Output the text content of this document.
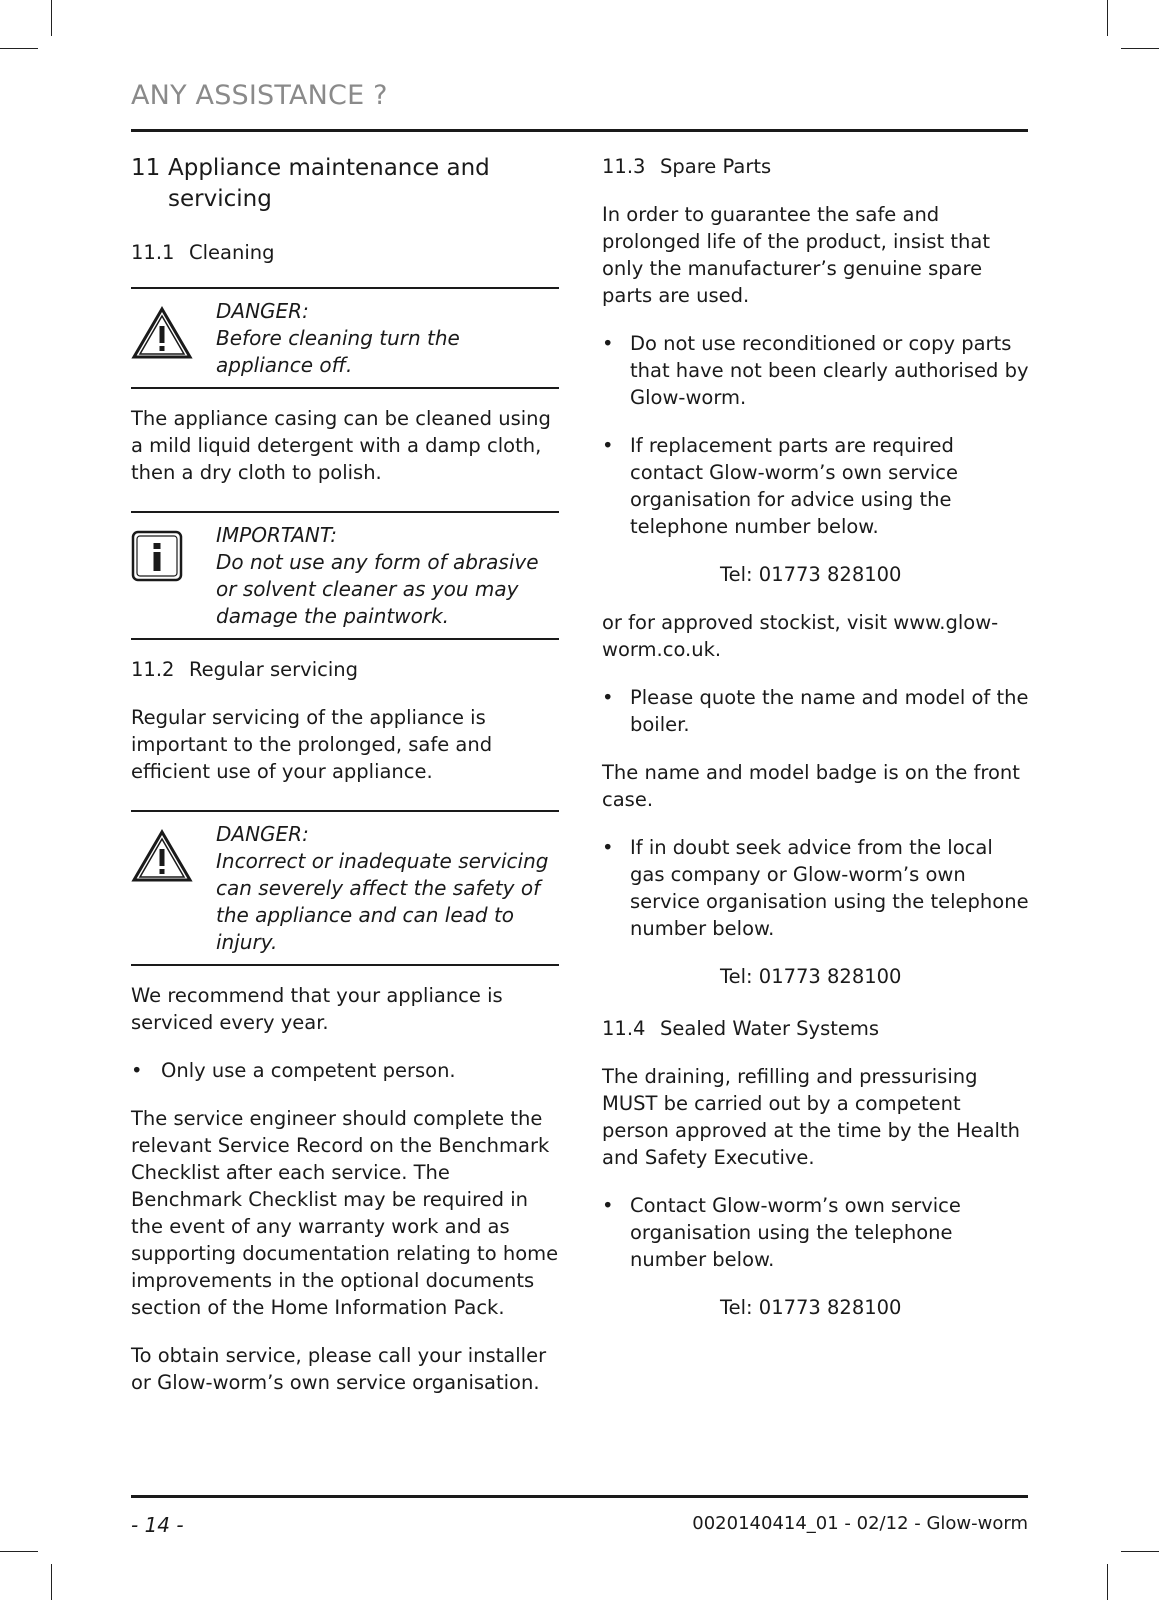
ANY ASSISTANCE ?
11 Appliance maintenance and servicing
11.1 Cleaning
DANGER:
Before cleaning turn the appliance off.

The appliance casing can be cleaned using a mild liquid detergent with a damp cloth, then a dry cloth to polish.

IMPORTANT:
Do not use any form of abrasive or solvent cleaner as you may damage the paintwork.
11.2 Regular servicing

Regular servicing of the appliance is important to the prolonged, safe and efficient use of your appliance.

DANGER:
Incorrect or inadequate servicing can severely affect the safety of the appliance and can lead to injury.

We recommend that your appliance is serviced every year.

• Only use a competent person.

The service engineer should complete the relevant Service Record on the Benchmark Checklist after each service. The Benchmark Checklist may be required in the event of any warranty work and as supporting documentation relating to home improvements in the optional documents section of the Home Information Pack.

To obtain service, please call your installer or Glow-worm’s own service organisation.

11.3 Spare Parts

In order to guarantee the safe and prolonged life of the product, insist that only the manufacturer’s genuine spare parts are used.

• Do not use reconditioned or copy parts that have not been clearly authorised by Glow-worm.
• If replacement parts are required contact Glow-worm’s own service organisation for advice using the telephone number below.
Tel: 01773 828100

or for approved stockist, visit www.glow-worm.co.uk.

• Please quote the name and model of the boiler.

The name and model badge is on the front case.

• If in doubt seek advice from the local gas company or Glow-worm’s own service organisation using the telephone number below.
Tel: 01773 828100
11.4 Sealed Water Systems

The draining, refilling and pressurising MUST be carried out by a competent person approved at the time by the Health and Safety Executive.

• Contact Glow-worm’s own service organisation using the telephone number below.
Tel: 01773 828100
- 14 -	0020140414_01 - 02/12 - Glow-worm
